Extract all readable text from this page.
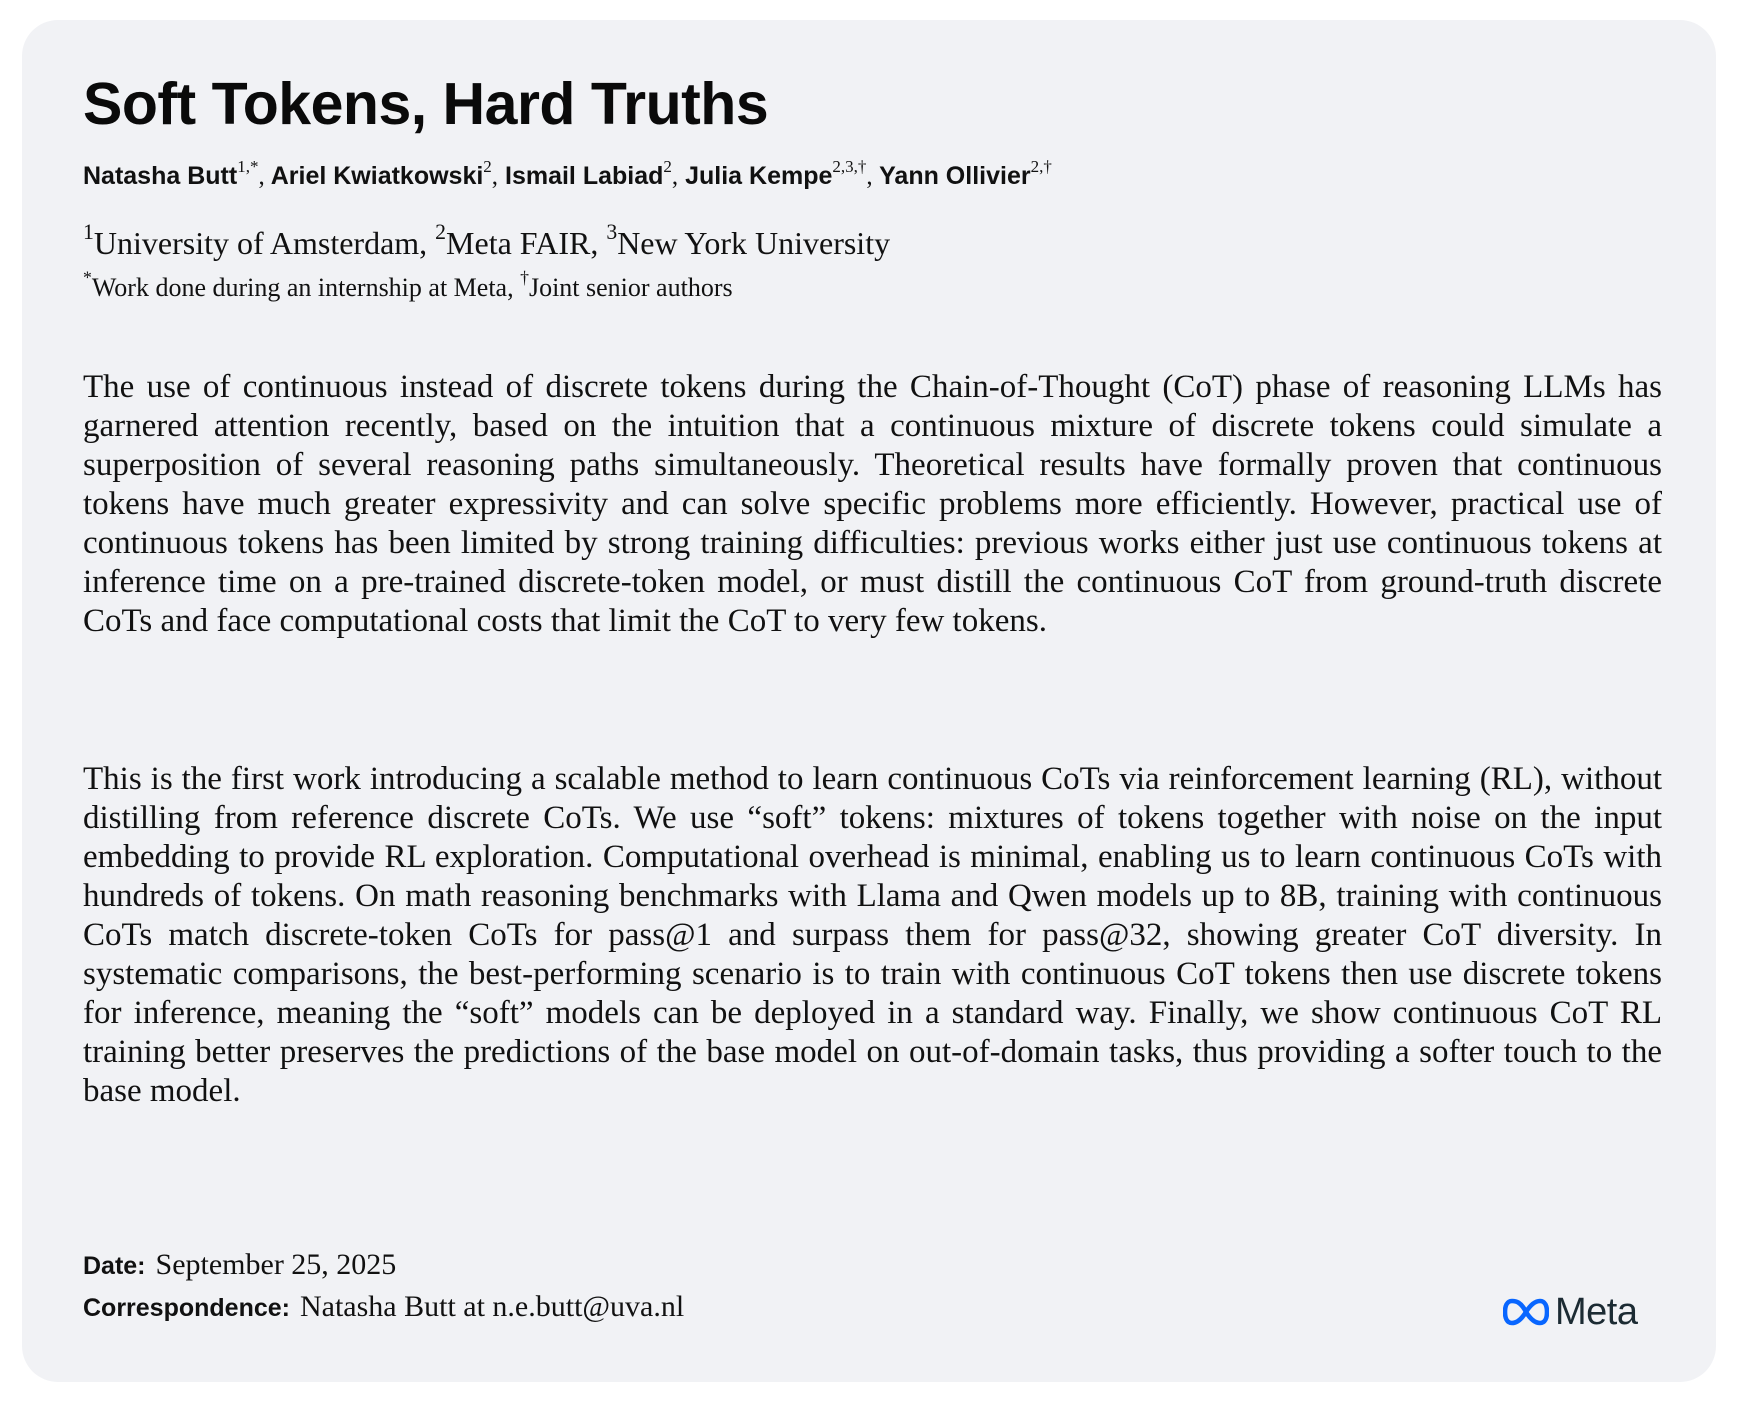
Soft Tokens, Hard Truths
Natasha Butt$^{1,*}$, Ariel Kwiatkowski$^2$, Ismail Labiad$^2$, Julia Kempe$^{2,3,\dagger}$, Yann Ollivier$^{2,\dagger}$
$^1$University of Amsterdam, $^2$Meta FAIR, $^3$New York University
*Work done during an internship at Meta, †Joint senior authors

The use of continuous instead of discrete tokens during the Chain-of-Thought (CoT) phase of reasoning LLMs has garnered attention recently, based on the intuition that a continuous mixture of discrete tokens could simulate a superposition of several reasoning paths simultaneously. Theoretical results have formally proven that continuous tokens have much greater expressivity and can solve specific problems more efficiently. However, practical use of continuous tokens has been limited by strong training difficulties: previous works either just use continuous tokens at inference time on a pre-trained discrete-token model, or must distill the continuous CoT from ground-truth discrete CoTs and face computational costs that limit the CoT to very few tokens.

This is the first work introducing a scalable method to learn continuous CoTs via reinforcement learning (RL), without distilling from reference discrete CoTs. We use “soft” tokens: mixtures of tokens together with noise on the input embedding to provide RL exploration. Computational overhead is minimal, enabling us to learn continuous CoTs with hundreds of tokens. On math reasoning benchmarks with Llama and Qwen models up to 8B, training with continuous CoTs match discrete-token CoTs for pass@1 and surpass them for pass@32, showing greater CoT diversity. In systematic comparisons, the best-performing scenario is to train with continuous CoT tokens then use discrete tokens for inference, meaning the “soft” models can be deployed in a standard way. Finally, we show continuous CoT RL training better preserves the predictions of the base model on out-of-domain tasks, thus providing a softer touch to the base model.

Date: September 25, 2025
Correspondence: Natasha Butt at n.e.butt@uva.nl	Meta
